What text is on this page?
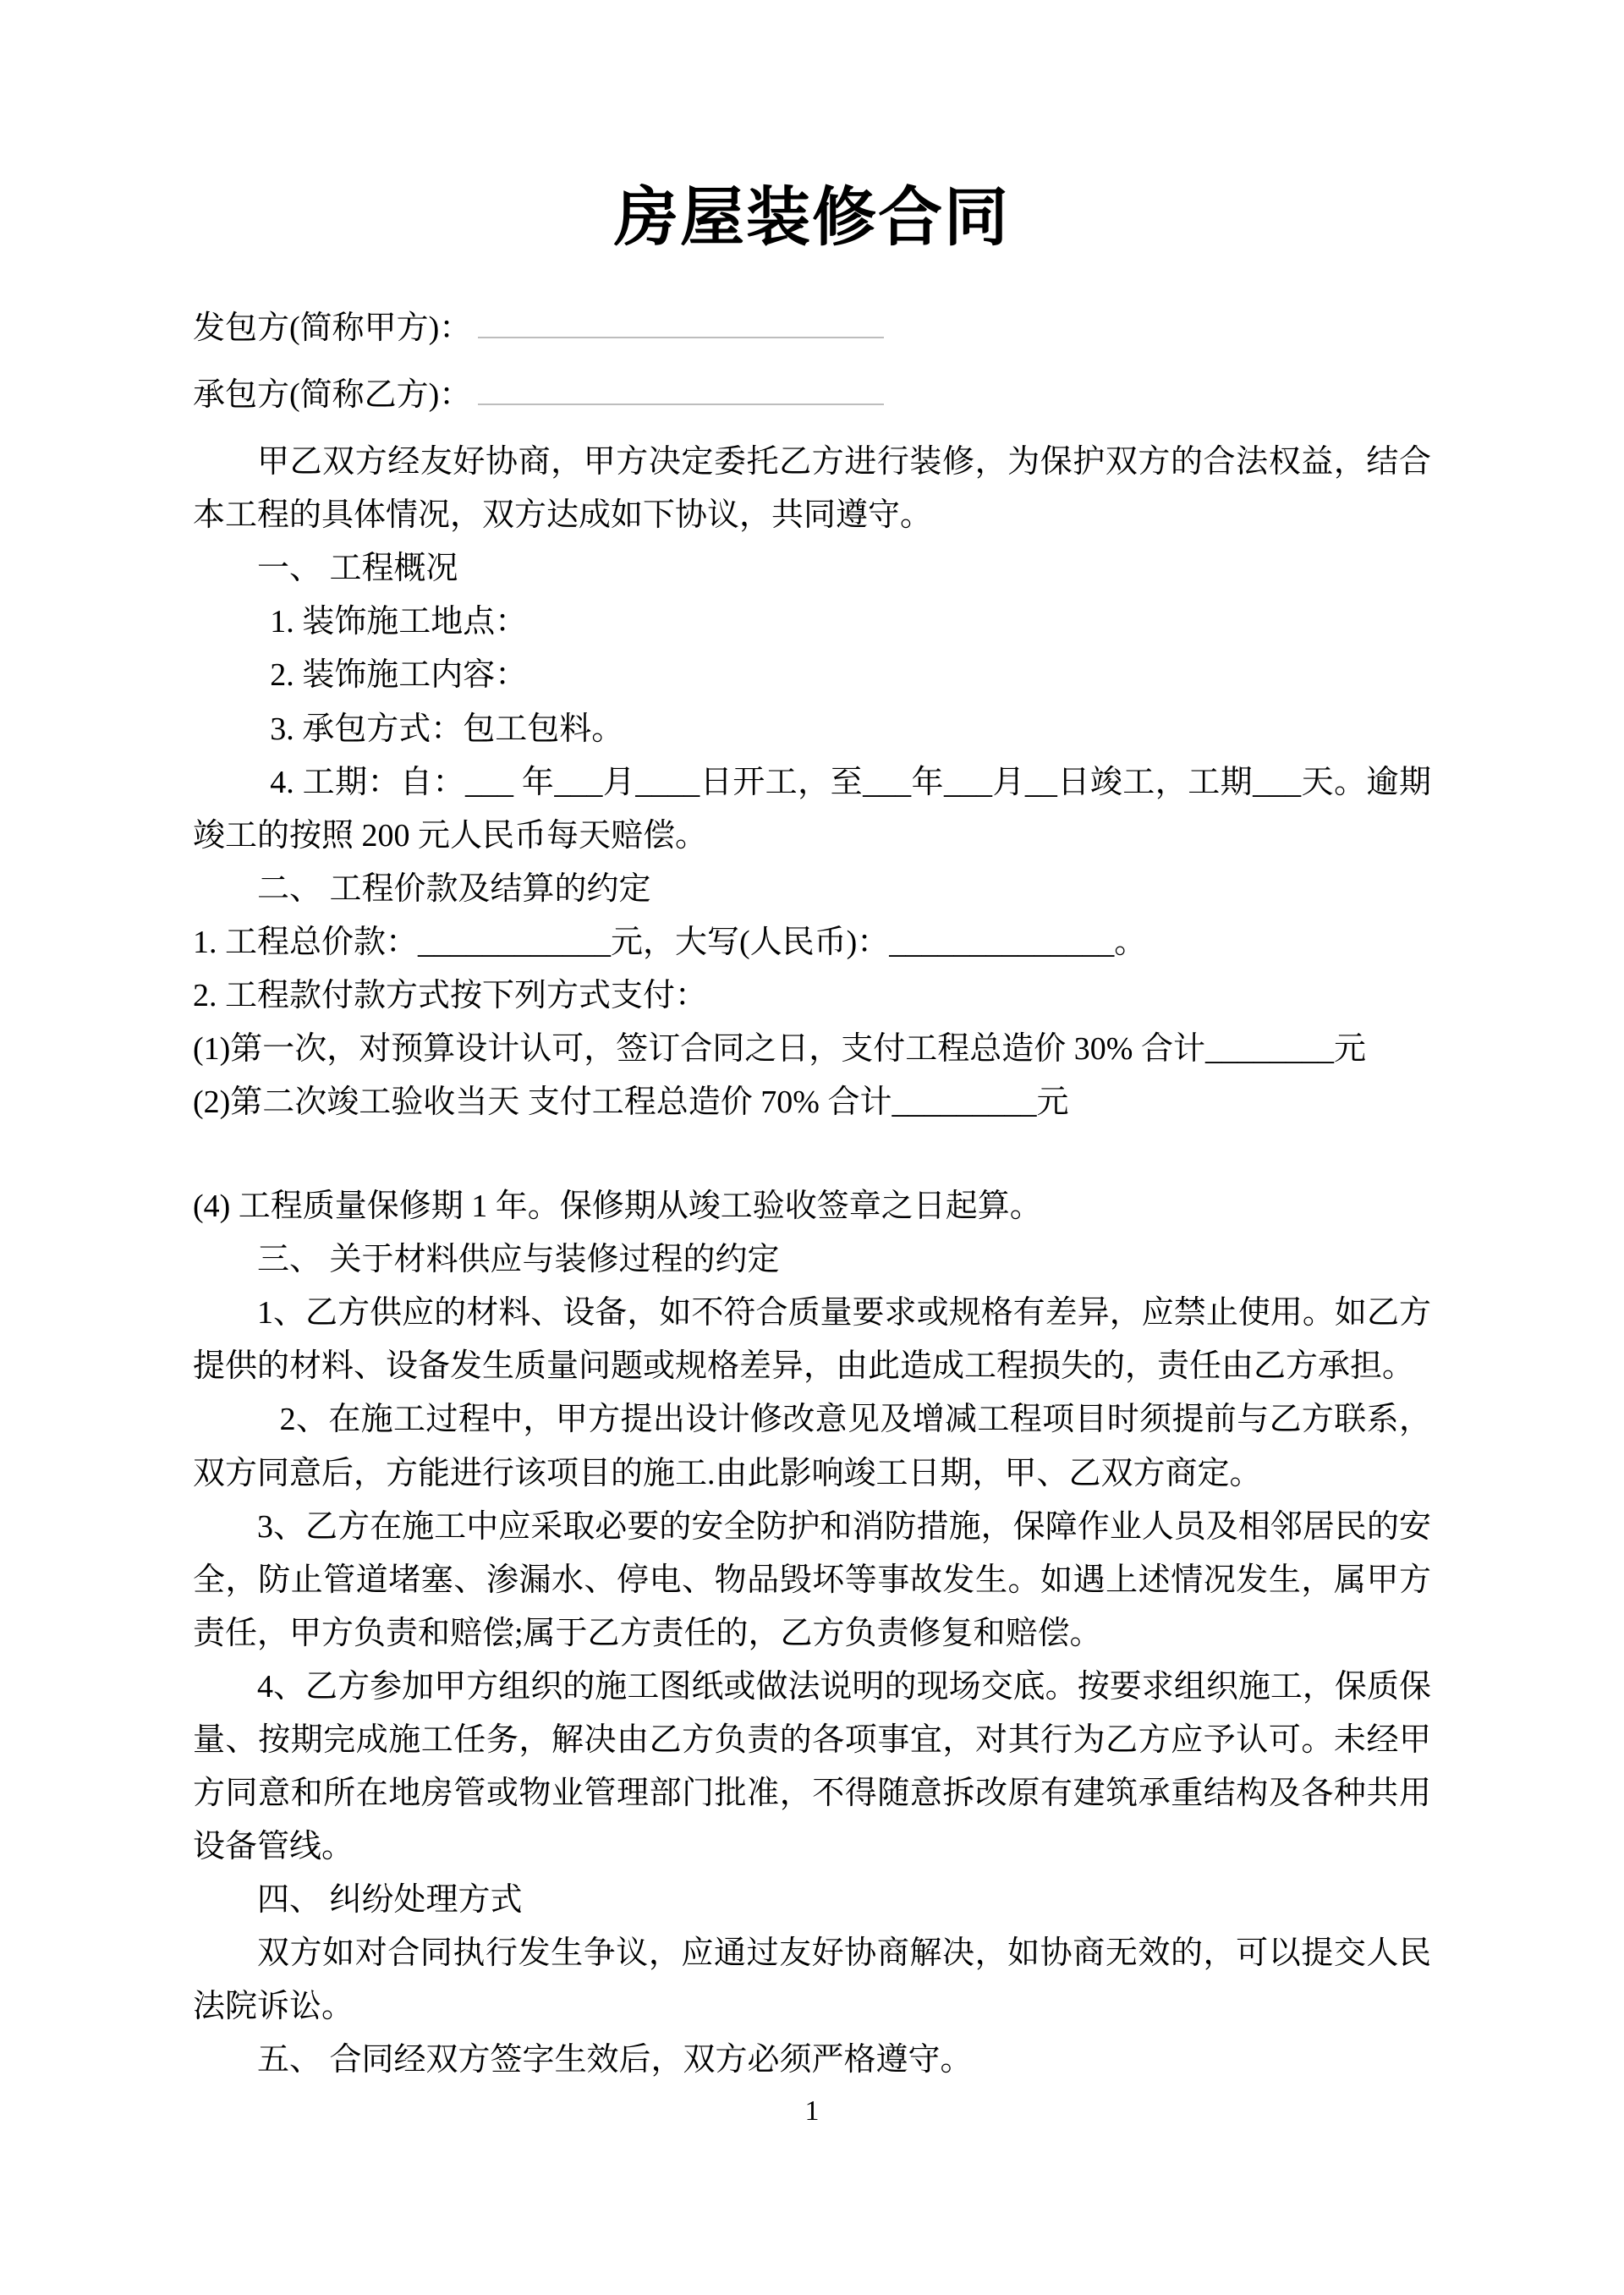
房屋装修合同
发包方(简称甲方)：
承包方(简称乙方)：

甲乙双方经友好协商，甲方决定委托乙方进行装修，为保护双方的合法权益，结合本工程的具体情况，双方达成如下协议，共同遵守。

一、 工程概况

1. 装饰施工地点：

2. 装饰施工内容：

3. 承包方式：包工包料。

4. 工期：自：___ 年___月____日开工，至___年___月__日竣工，工期___天。逾期竣工的按照 200 元人民币每天赔偿。

二、 工程价款及结算的约定

1. 工程总价款：____________元，大写(人民币)：______________。

2. 工程款付款方式按下列方式支付：

(1)第一次，对预算设计认可，签订合同之日，支付工程总造价 30% 合计________元

(2)第二次竣工验收当天 支付工程总造价 70% 合计_________元

(4) 工程质量保修期 1 年。保修期从竣工验收签章之日起算。

三、 关于材料供应与装修过程的约定

1、乙方供应的材料、设备，如不符合质量要求或规格有差异，应禁止使用。如乙方提供的材料、设备发生质量问题或规格差异，由此造成工程损失的，责任由乙方承担。

2、在施工过程中，甲方提出设计修改意见及增减工程项目时须提前与乙方联系，双方同意后，方能进行该项目的施工.由此影响竣工日期，甲、乙双方商定。

3、乙方在施工中应采取必要的安全防护和消防措施，保障作业人员及相邻居民的安全，防止管道堵塞、渗漏水、停电、物品毁坏等事故发生。如遇上述情况发生，属甲方责任，甲方负责和赔偿;属于乙方责任的，乙方负责修复和赔偿。

4、乙方参加甲方组织的施工图纸或做法说明的现场交底。按要求组织施工，保质保量、按期完成施工任务，解决由乙方负责的各项事宜，对其行为乙方应予认可。未经甲方同意和所在地房管或物业管理部门批准，不得随意拆改原有建筑承重结构及各种共用设备管线。

四、 纠纷处理方式

双方如对合同执行发生争议，应通过友好协商解决，如协商无效的，可以提交人民法院诉讼。

五、 合同经双方签字生效后，双方必须严格遵守。

1
